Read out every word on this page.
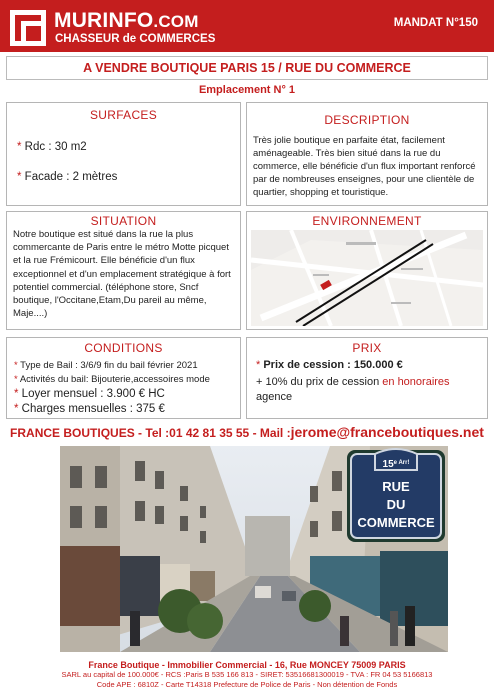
MURINFO.COM
CHASSEUR de COMMERCES
MANDAT N°150
A VENDRE BOUTIQUE PARIS 15 / RUE DU COMMERCE
Emplacement N° 1
SURFACES
* Rdc : 30 m2
* Facade : 2 mètres
DESCRIPTION

Très jolie boutique en parfaite état, facilement aménageable. Très bien situé dans la rue du commerce, elle bénéficie d'un flux important renforcé par de nombreuses enseignes, pour une clientèle de quartier, shopping et touristique.

SITUATION

Notre boutique est situé dans la rue la plus commercante de Paris entre le métro Motte picquet et la rue Frémicourt. Elle bénéficie d'un flux exceptionnel et d'un emplacement stratégique à fort potentiel commercial. (téléphone store, Sncf boutique, l'Occitane,Etam,Du pareil au même, Maje....)

ENVIRONNEMENT
CONDITIONS
* Type de Bail : 3/6/9 fin du bail février 2021
* Activités du bail: Bijouterie,accessoires mode
* Loyer mensuel : 3.900 € HC
* Charges mensuelles : 375 €
PRIX
* Prix de cession : 150.000 €
+ 10% du prix de cession en honoraires
agence
FRANCE BOUTIQUES - Tel :01 42 81 35 55 - Mail :jerome@franceboutiques.net
$15^{e Arr!}$
RUE
DU
COMMERCE
France Boutique - Immobilier Commercial - 16, Rue MONCEY 75009 PARIS
SARL au capital de 100.000€ - RCS :Paris B 535 166 813 - SIRET: 53516681300019 - TVA : FR 04 53 5166813
Code APE : 6810Z - Carte T14318 Prefecture de Police de Paris - Non détention de Fonds
